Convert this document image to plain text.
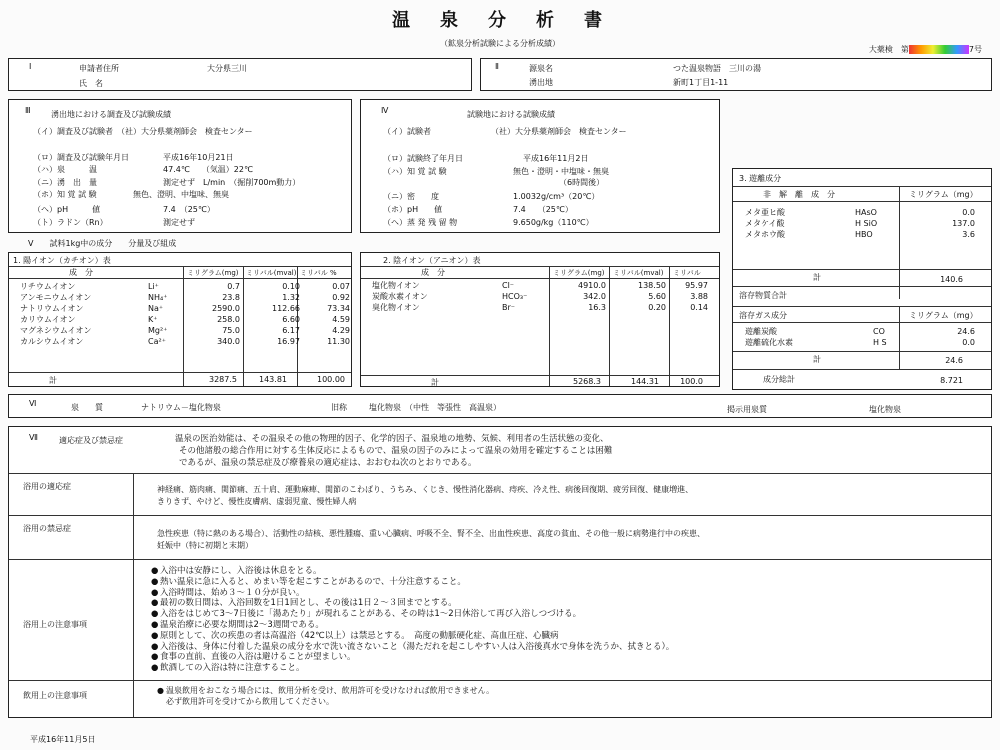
温　泉　分　析　書
（鉱泉分析試験による分析成績）
大薬検　第	7号
Ⅰ	申請者住所	大分県三川
氏　名
Ⅱ	源泉名	つた温泉物語　三川の湯
湧出地	新町1丁目1-11
Ⅲ	湧出地における調査及び試験成績
（イ）調査及び試験者　 （社）大分県薬剤師会　検査センター
（ロ）調査及び試験年月日	平成16年10月21日
（ハ）泉　　　温	47.4℃　　（気温）22℃
（ニ）湧　出　量	測定せず　L/min　（掘削700m動力）
（ホ）知 覚 試 験	無色、澄明、中塩味、無臭
（ヘ）pH　　　値	7.4　（25℃）
（ト）ラドン（Rn）	測定せず
Ⅳ	試験地における試験成績
（イ）試験者	（社）大分県薬剤師会　検査センター
（ロ）試験終了年月日	平成16年11月2日
（ハ）知 覚 試 験	無色・澄明・中塩味・無臭
（6時間後）
（ニ）密　　度	1.0032g/cm³（20℃）
（ホ）pH　　値	7.4　　（25℃）
（ヘ）蒸 発 残 留 物	9.650g/kg（110℃）
Ⅴ　　 試料1kg中の成分　　分量及び組成
1. 陽イオン（カチオン）表
成　分	ミリグラム(mg) ミリバル(mval) ミリバル %
計	3287.5	143.81	100.00
リチウムイオン	Li⁺	0.7	0.10	0.07
アンモニウムイオン	NH₄⁺	23.8	1.32	0.92
ナトリウムイオン	Na⁺	2590.0	112.66	73.34
カリウムイオン	K⁺	258.0	6.60	4.59
マグネシウムイオン	Mg²⁺	75.0	6.17	4.29
カルシウムイオン	Ca²⁺	340.0	16.97	11.30
2. 陰イオン（アニオン）表
成　分	ミリグラム(mg) ミリバル(mval) ミリバル
計	5268.3	144.31	100.0
塩化物イオン	Cl⁻	4910.0	138.50 95.97
炭酸水素イオン	HCO₃⁻	342.0	5.60	3.88
臭化物イオン	Br⁻	16.3	0.20	0.14
3. 遊離成分
非　解　離　成　分	ミリグラム（mg）
メタ亜ヒ酸	HAsO	0.0
メタケイ酸	H SiO	137.0
メタホウ酸	HBO	3.6
計	140.6
溶存物質合計
溶存ガス成分	ミリグラム（mg）
遊離炭酸	CO	24.6
遊離硫化水素	H S	0.0
計	24.6
成分総計	8.721
Ⅵ	泉　　質	ナトリウム－塩化物泉	旧称	塩化物泉　（中性　等張性　高温泉）	掲示用泉質	塩化物泉
Ⅶ	適応症及び禁忌症	温泉の医治効能は、その温泉その他の物理的因子、化学的因子、温泉地の地勢、気候、利用者の生活状態の変化、
その他諸般の総合作用に対する生体反応によるもので、温泉の因子のみによって温泉の効用を確定することは困難
であるが、温泉の禁忌症及び療養泉の適応症は、おおむね次のとおりである。
浴用の適応症	神経痛、筋肉痛、関節痛、五十肩、運動麻痺、関節のこわばり、うちみ、くじき、慢性消化器病、痔疾、冷え性、病後回復期、疲労回復、健康増進、
きりきず、やけど、慢性皮膚病、虚弱児童、慢性婦人病
浴用の禁忌症
急性疾患（特に熱のある場合）、活動性の結核、悪性腫瘍、重い心臓病、呼吸不全、腎不全、出血性疾患、高度の貧血、その他一般に病勢進行中の疾患、
妊娠中（特に初期と末期）
浴用上の注意事項
● 入浴中は安静にし、入浴後は休息をとる。
● 熱い温泉に急に入ると、めまい等を起こすことがあるので、十分注意すること。
● 入浴時間は、始め３～１０分が良い。
● 最初の数日間は、入浴回数を1日1回とし、その後は1日２～３回までとする。
● 入浴をはじめて3～7日後に「湯あたり」が現れることがある、その時は1～2日休浴して再び入浴しつづける。
● 温泉治療に必要な期間は2～3週間である。
● 原則として、次の疾患の者は高温浴（42℃以上）は禁忌とする。　高度の動脈硬化症、高血圧症、心臓病
● 入浴後は、身体に付着した温泉の成分を水で洗い流さないこと（湯ただれを起こしやすい人は入浴後真水で身体を洗うか、拭きとる）。
● 食事の直前、直後の入浴は避けることが望ましい。
● 飲酒しての入浴は特に注意すること。
飲用上の注意事項
● 温泉飲用をおこなう場合には、飲用分析を受け、飲用許可を受けなければ飲用できません。
必ず飲用許可を受けてから飲用してください。
平成16年11月5日
